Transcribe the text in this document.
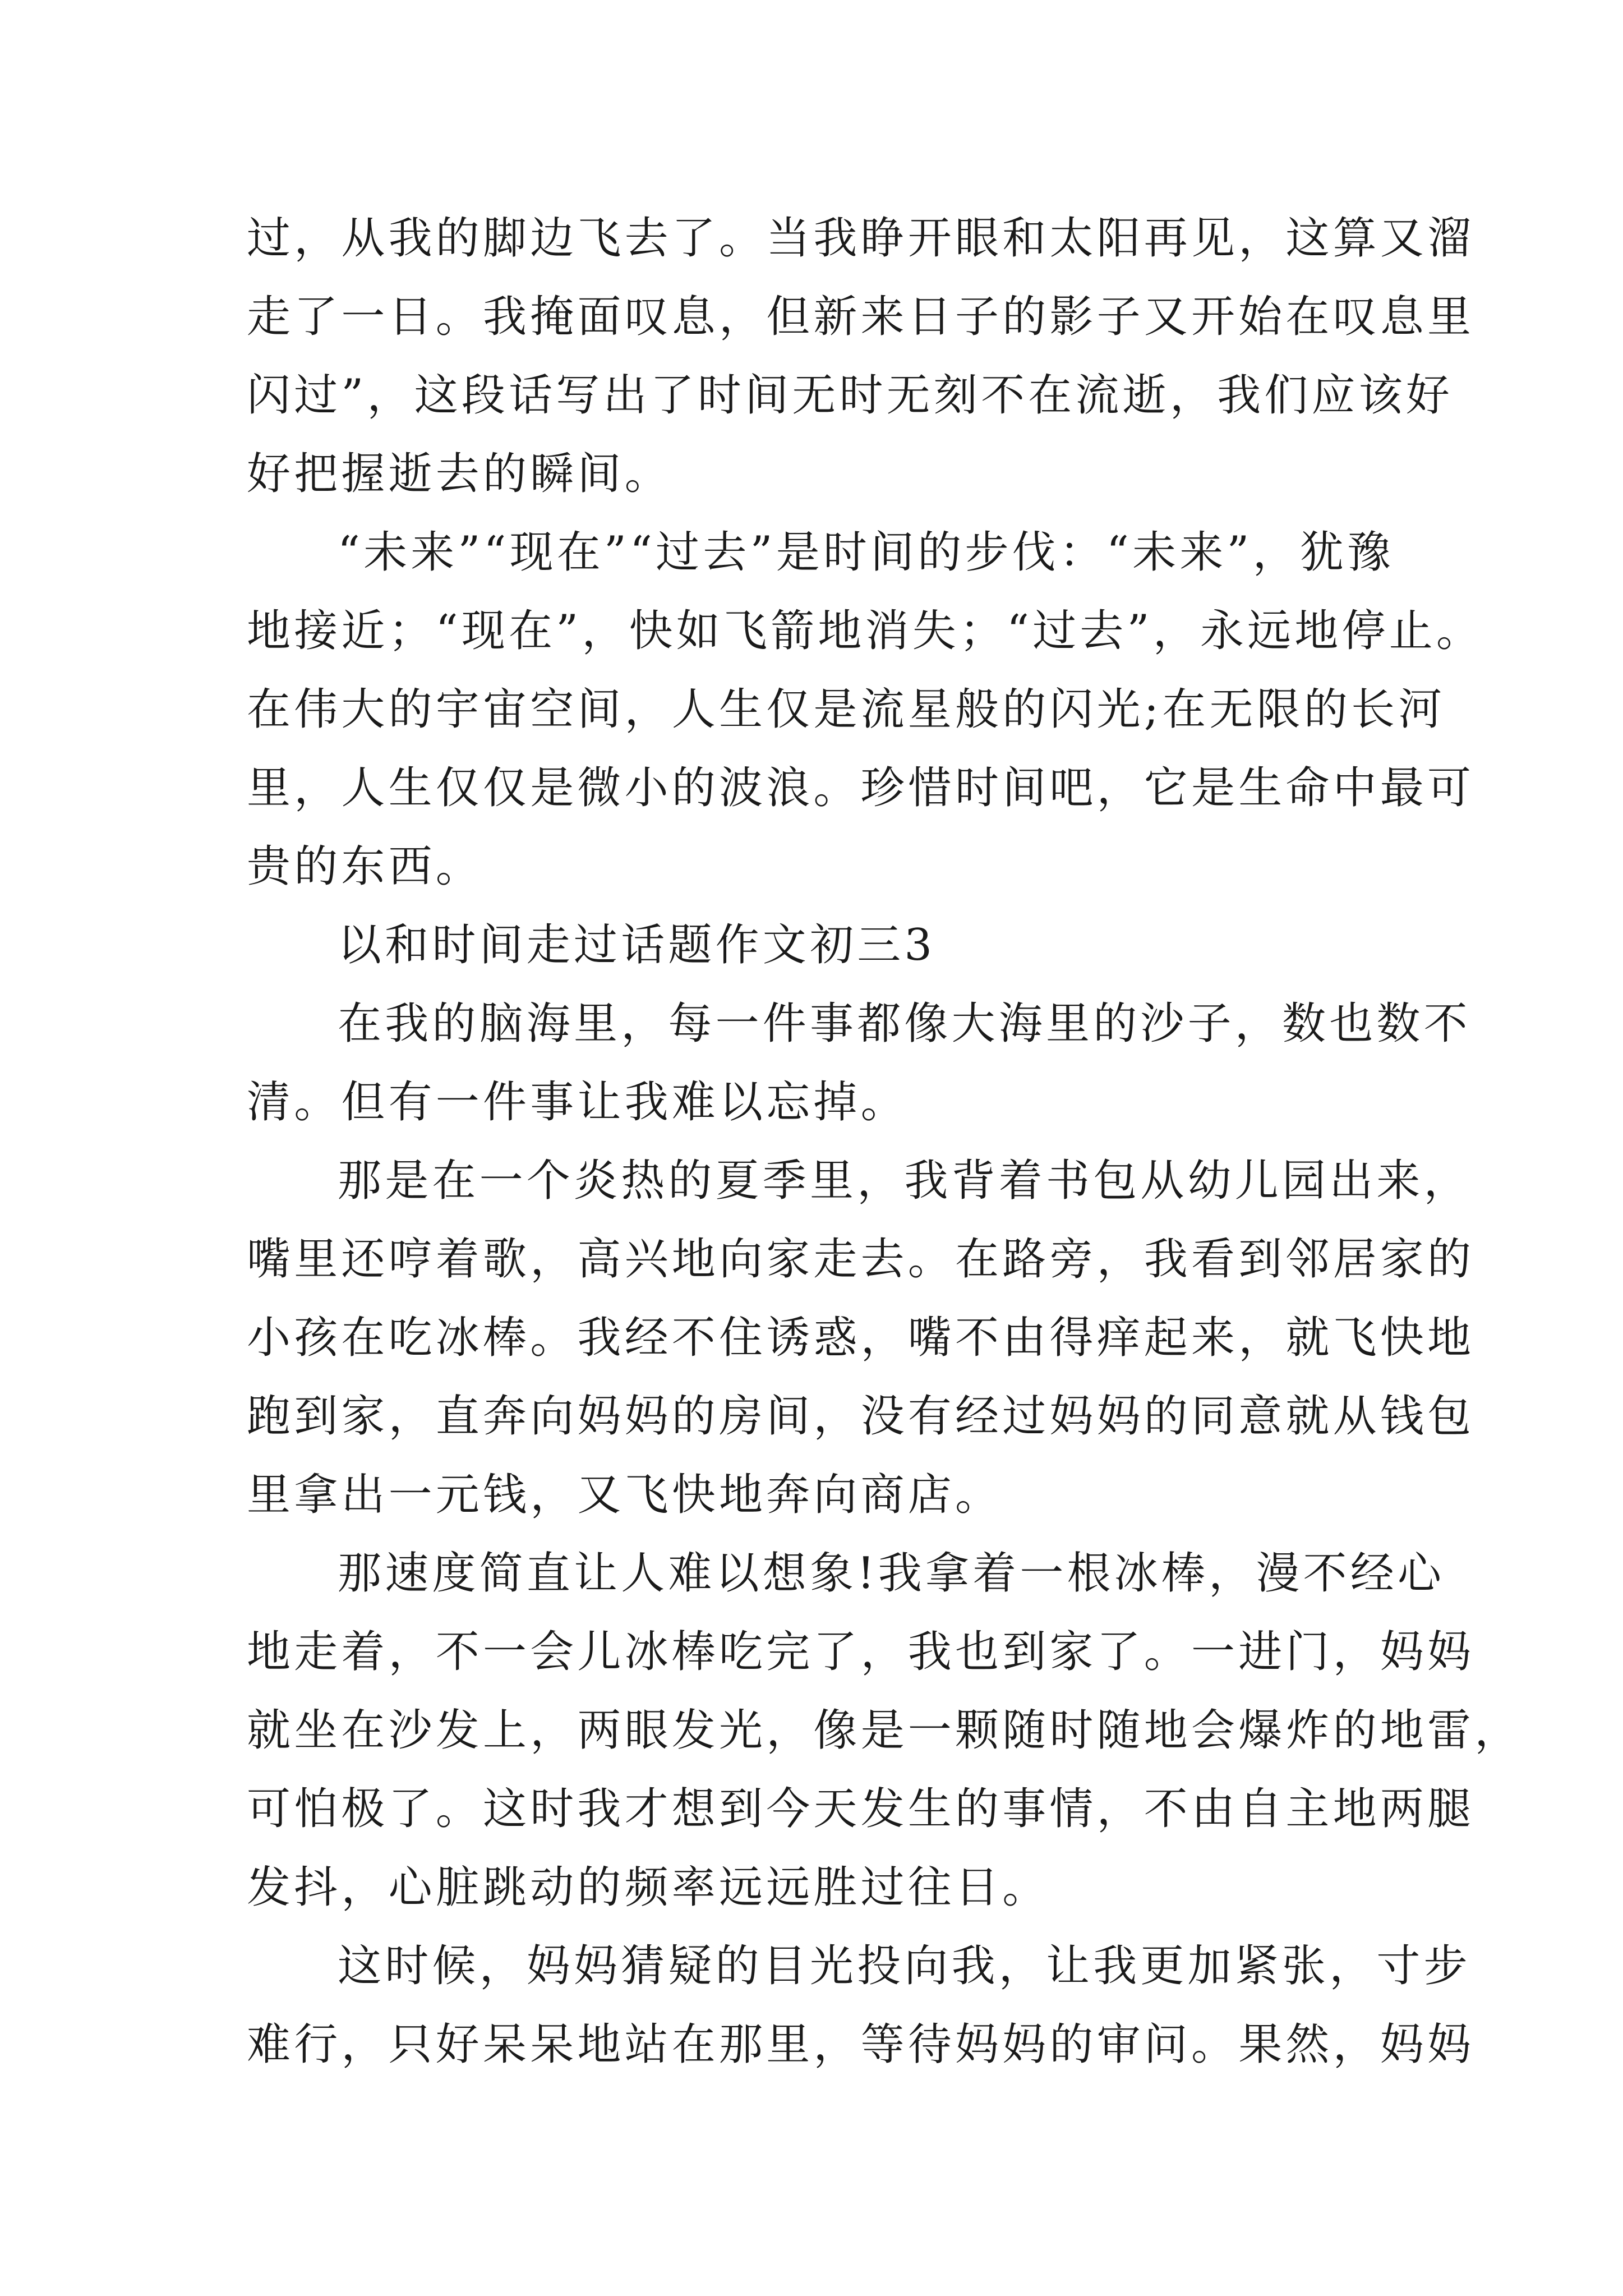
过，从我的脚边飞去了。当我睁开眼和太阳再见，这算又溜
走了一日。我掩面叹息，但新来日子的影子又开始在叹息里
闪过”，这段话写出了时间无时无刻不在流逝，我们应该好
好把握逝去的瞬间。
“未来”“现在”“过去”是时间的步伐：“未来”，犹豫
地接近；“现在”，快如飞箭地消失；“过去”，永远地停止。
在伟大的宇宙空间，人生仅是流星般的闪光;在无限的长河
里，人生仅仅是微小的波浪。珍惜时间吧，它是生命中最可
贵的东西。
以和时间走过话题作文初三3
在我的脑海里，每一件事都像大海里的沙子，数也数不
清。但有一件事让我难以忘掉。
那是在一个炎热的夏季里，我背着书包从幼儿园出来，
嘴里还哼着歌，高兴地向家走去。在路旁，我看到邻居家的
小孩在吃冰棒。我经不住诱惑，嘴不由得痒起来，就飞快地
跑到家，直奔向妈妈的房间，没有经过妈妈的同意就从钱包
里拿出一元钱，又飞快地奔向商店。
那速度简直让人难以想象!我拿着一根冰棒，漫不经心
地走着，不一会儿冰棒吃完了，我也到家了。一进门，妈妈
就坐在沙发上，两眼发光，像是一颗随时随地会爆炸的地雷，
可怕极了。这时我才想到今天发生的事情，不由自主地两腿
发抖，心脏跳动的频率远远胜过往日。
这时候，妈妈猜疑的目光投向我，让我更加紧张，寸步
难行，只好呆呆地站在那里，等待妈妈的审问。果然，妈妈
